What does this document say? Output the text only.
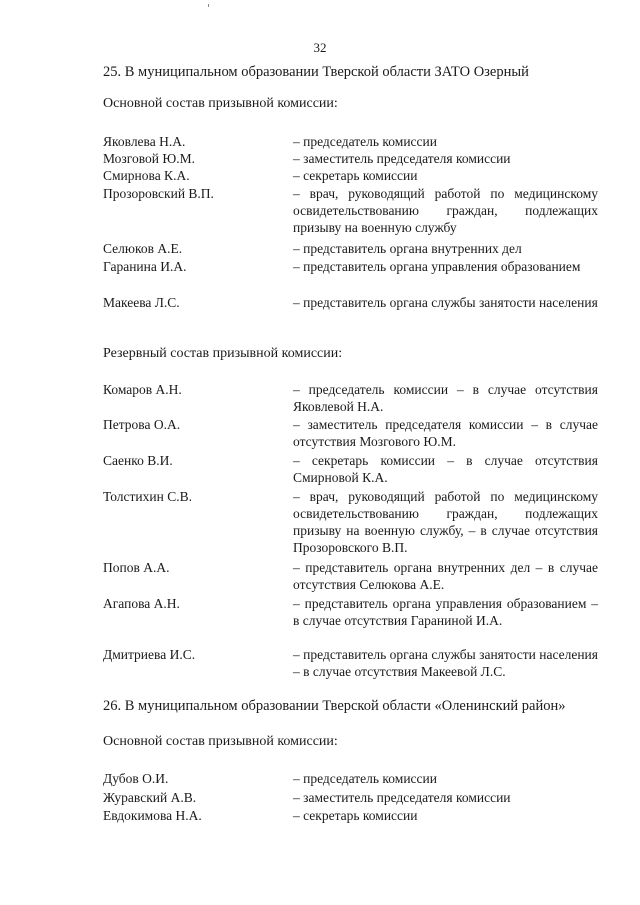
32
25. В муниципальном образовании Тверской области ЗАТО Озерный
Основной состав призывной комиссии:
Яковлева Н.А.	– председатель комиссии
Мозговой Ю.М.	– заместитель председателя комиссии
Смирнова К.А.	– секретарь комиссии
Прозоровский В.П.	– врач, руководящий работой по медицинскому освидетельствованию граждан, подлежащих призыву на военную службу
Селюков А.Е.	– представитель органа внутренних дел
Гаранина И.А.	– представитель органа управления образованием
Макеева Л.С.	– представитель органа службы занятости населения
Резервный состав призывной комиссии:
Комаров А.Н.	– председатель комиссии – в случае отсутствия Яковлевой Н.А.
Петрова О.А.	– заместитель председателя комиссии – в случае отсутствия Мозгового Ю.М.
Саенко В.И.	– секретарь комиссии – в случае отсутствия Смирновой К.А.
Толстихин С.В.	– врач, руководящий работой по медицинскому освидетельствованию граждан, подлежащих призыву на военную службу, – в случае отсутствия Прозоровского В.П.
Попов А.А.	– представитель органа внутренних дел – в случае отсутствия Селюкова А.Е.
Агапова А.Н.	– представитель органа управления образованием – в случае отсутствия Гараниной И.А.
Дмитриева И.С.	– представитель органа службы занятости населения – в случае отсутствия Макеевой Л.С.
26. В муниципальном образовании Тверской области «Оленинский район»
Основной состав призывной комиссии:
Дубов О.И.	– председатель комиссии
Журавский А.В.	– заместитель председателя комиссии
Евдокимова Н.А.	– секретарь комиссии
